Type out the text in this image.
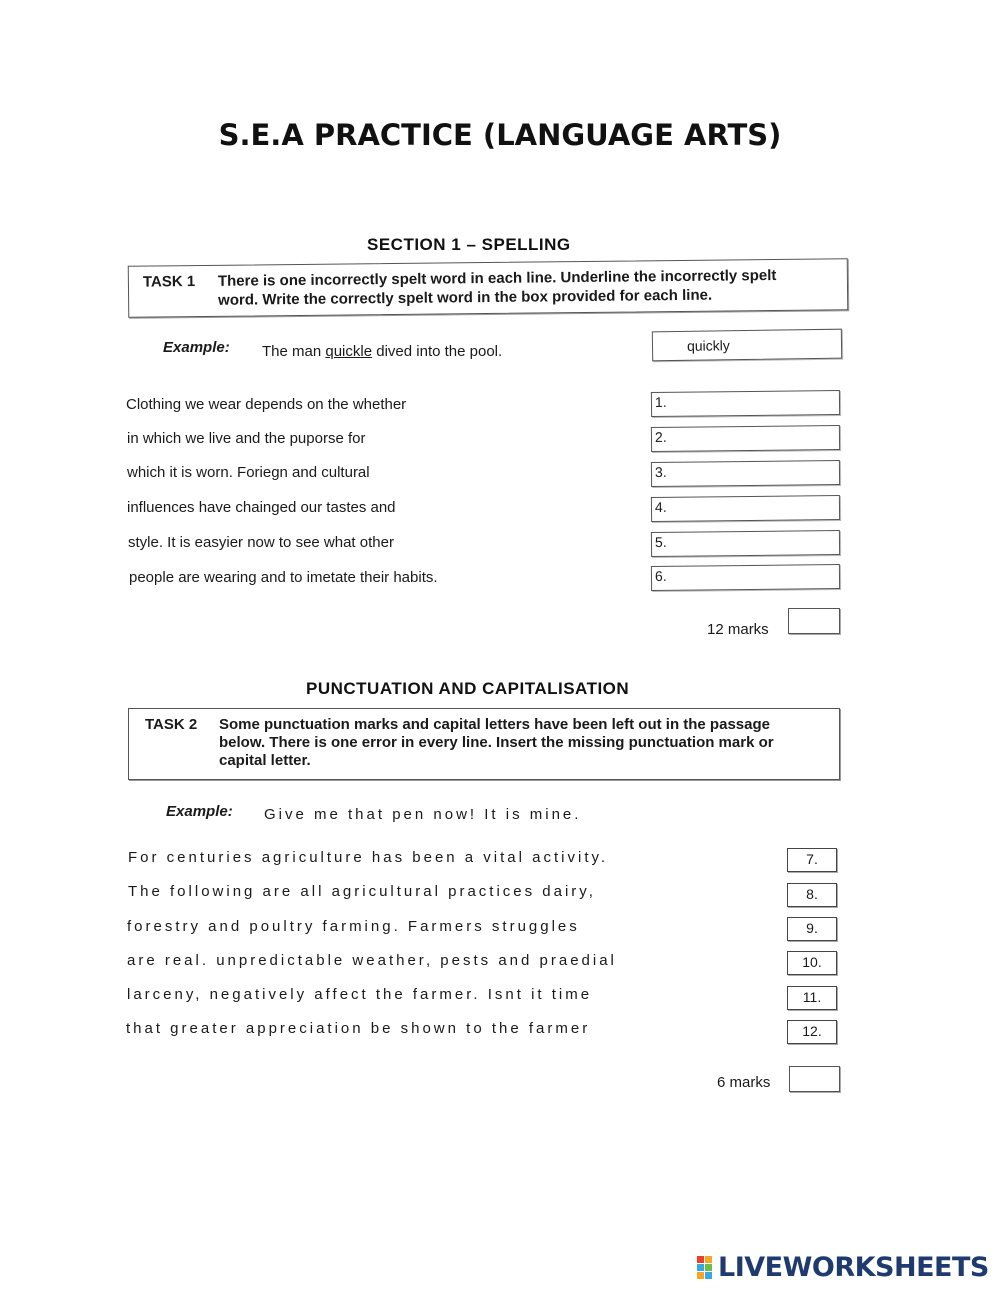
S.E.A PRACTICE (LANGUAGE ARTS)
SECTION 1 – SPELLING
TASK 1 There is one incorrectly spelt word in each line. Underline the incorrectly spelt
word. Write the correctly spelt word in the box provided for each line.
Example: The man quickle dived into the pool.	quickly
Clothing we wear depends on the whether
in which we live and the puporse for
which it is worn. Foriegn and cultural
influences have chainged our tastes and
style. It is easyier now to see what other
people are wearing and to imetate their habits.
1.
2.
3.
4.
5.
6.
12 marks
PUNCTUATION AND CAPITALISATION
TASK 2 Some punctuation marks and capital letters have been left out in the passage
below. There is one error in every line. Insert the missing punctuation mark or
capital letter.
Example: Give me that pen now! It is mine.
For centuries agriculture has been a vital activity.
The following are all agricultural practices dairy,
forestry and poultry farming. Farmers struggles
are real. unpredictable weather, pests and praedial
larceny, negatively affect the farmer. Isnt it time
that greater appreciation be shown to the farmer
7.
8.
9.
10.
11.
12.
6 marks
LIVEWORKSHEETS
